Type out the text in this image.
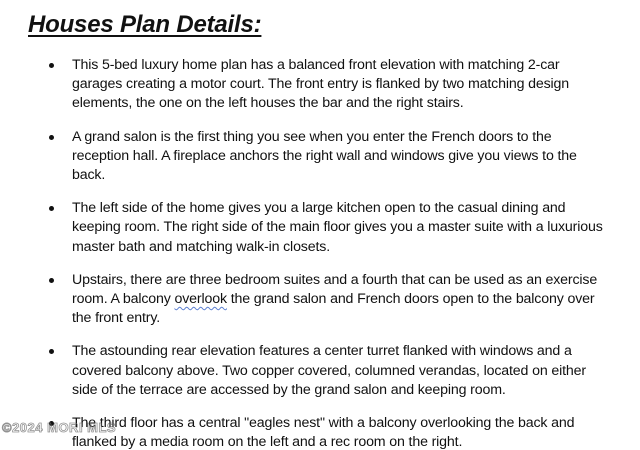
Houses Plan Details:
This 5-bed luxury home plan has a balanced front elevation with matching 2-car garages creating a motor court. The front entry is flanked by two matching design elements, the one on the left houses the bar and the right stairs.
A grand salon is the first thing you see when you enter the French doors to the reception hall. A fireplace anchors the right wall and windows give you views to the back.
The left side of the home gives you a large kitchen open to the casual dining and keeping room. The right side of the main floor gives you a master suite with a luxurious master bath and matching walk-in closets.
Upstairs, there are three bedroom suites and a fourth that can be used as an exercise room. A balcony overlook the grand salon and French doors open to the balcony over the front entry.
The astounding rear elevation features a center turret flanked with windows and a covered balcony above. Two copper covered, columned verandas, located on either side of the terrace are accessed by the grand salon and keeping room.
The third floor has a central "eagles nest" with a balcony overlooking the back and flanked by a media room on the left and a rec room on the right.
©2024 MORI MLS
